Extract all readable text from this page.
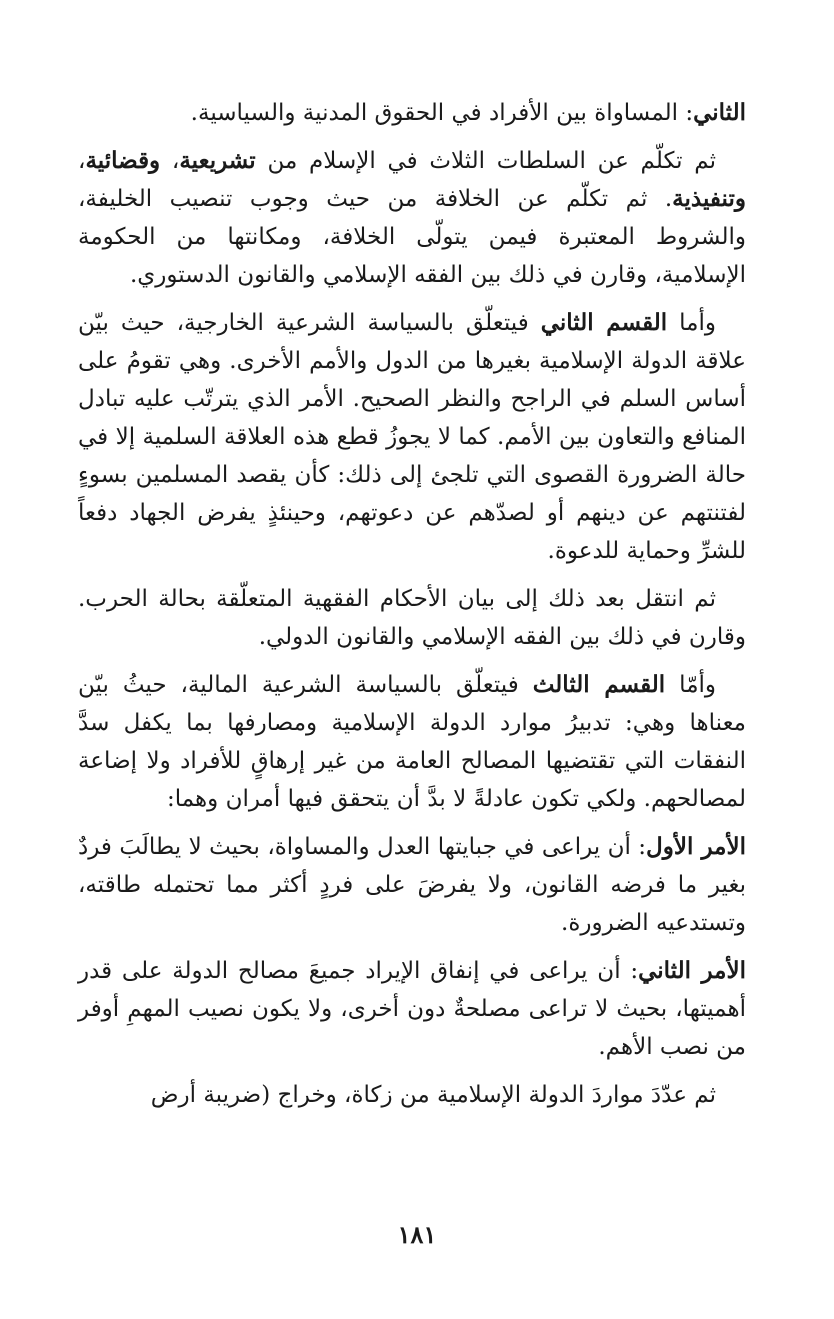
الثاني: المساواة بين الأفراد في الحقوق المدنية والسياسية.

ثم تكلّم عن السلطات الثلاث في الإسلام من تشريعية، وقضائية، وتنفيذية. ثم تكلّم عن الخلافة من حيث وجوب تنصيب الخليفة، والشروط المعتبرة فيمن يتولّى الخلافة، ومكانتها من الحكومة الإسلامية، وقارن في ذلك بين الفقه الإسلامي والقانون الدستوري.

وأما القسم الثاني فيتعلّق بالسياسة الشرعية الخارجية، حيث بيّن علاقة الدولة الإسلامية بغيرها من الدول والأمم الأخرى. وهي تقومُ على أساس السلم في الراجح والنظر الصحيح. الأمر الذي يترتّب عليه تبادل المنافع والتعاون بين الأمم. كما لا يجوزُ قطع هذه العلاقة السلمية إلا في حالة الضرورة القصوى التي تلجئ إلى ذلك: كأن يقصد المسلمين بسوءٍ لفتنتهم عن دينهم أو لصدّهم عن دعوتهم، وحينئذٍ يفرض الجهاد دفعاً للشرِّ وحماية للدعوة.

ثم انتقل بعد ذلك إلى بيان الأحكام الفقهية المتعلّقة بحالة الحرب. وقارن في ذلك بين الفقه الإسلامي والقانون الدولي.

وأمّا القسم الثالث فيتعلّق بالسياسة الشرعية المالية، حيثُ بيّن معناها وهي: تدبيرُ موارد الدولة الإسلامية ومصارفها بما يكفل سدَّ النفقات التي تقتضيها المصالح العامة من غير إرهاقٍ للأفراد ولا إضاعة لمصالحهم. ولكي تكون عادلةً لا بدَّ أن يتحقق فيها أمران وهما:

الأمر الأول: أن يراعى في جبايتها العدل والمساواة، بحيث لا يطالَبَ فردٌ بغير ما فرضه القانون، ولا يفرضَ على فردٍ أكثر مما تحتمله طاقته، وتستدعيه الضرورة.

الأمر الثاني: أن يراعى في إنفاق الإيراد جميعَ مصالح الدولة على قدر أهميتها، بحيث لا تراعى مصلحةٌ دون أخرى، ولا يكون نصيب المهمِ أوفر من نصب الأهم.

ثم عدّدَ مواردَ الدولة الإسلامية من زكاة، وخراج (ضريبة أرض

١٨١
